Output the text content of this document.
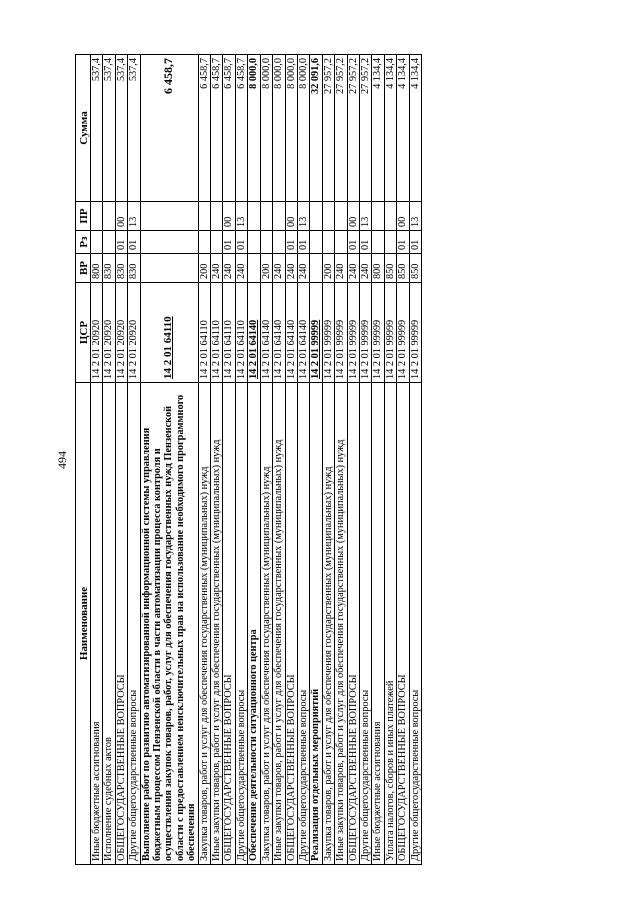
494
Наименование	ЦСР	ВР	Рз	ПР	Сумма
Иные бюджетные ассигнования	14 2 01 20920	800			537,4
Исполнение судебных актов	14 2 01 20920	830			537,4
ОБЩЕГОСУДАРСТВЕННЫЕ ВОПРОСЫ	14 2 01 20920	830	01	00	537,4
Другие общегосударственные вопросы	14 2 01 20920	830	01	13	537,4
Выполнение работ по развитию автоматизированной информационной системы управления бюджетным процессом Пензенской области в части автоматизации процесса контроля и осуществления закупок товаров, работ, услуг для обеспечения государственных нужд Пензенской области с предоставлением неисключительных прав на использование необходимого программного обеспечения	14 2 01 64110				6 458,7
Закупка товаров, работ и услуг для обеспечения государственных (муниципальных) нужд	14 2 01 64110	200			6 458,7
Иные закупки товаров, работ и услуг для обеспечения государственных (муниципальных) нужд	14 2 01 64110	240			6 458,7
ОБЩЕГОСУДАРСТВЕННЫЕ ВОПРОСЫ	14 2 01 64110	240	01	00	6 458,7
Другие общегосударственные вопросы	14 2 01 64110	240	01	13	6 458,7
Обеспечение деятельности ситуационного центра	14 2 01 64140				8 000,0
Закупка товаров, работ и услуг для обеспечения государственных (муниципальных) нужд	14 2 01 64140	200			8 000,0
Иные закупки товаров, работ и услуг для обеспечения государственных (муниципальных) нужд	14 2 01 64140	240			8 000,0
ОБЩЕГОСУДАРСТВЕННЫЕ ВОПРОСЫ	14 2 01 64140	240	01	00	8 000,0
Другие общегосударственные вопросы	14 2 01 64140	240	01	13	8 000,0
Реализация отдельных мероприятий	14 2 01 99999				32 091,6
Закупка товаров, работ и услуг для обеспечения государственных (муниципальных) нужд	14 2 01 99999	200			27 957,2
Иные закупки товаров, работ и услуг для обеспечения государственных (муниципальных) нужд	14 2 01 99999	240			27 957,2
ОБЩЕГОСУДАРСТВЕННЫЕ ВОПРОСЫ	14 2 01 99999	240	01	00	27 957,2
Другие общегосударственные вопросы	14 2 01 99999	240	01	13	27 957,2
Иные бюджетные ассигнования	14 2 01 99999	800			4 134,4
Уплата налогов, сборов и иных платежей	14 2 01 99999	850			4 134,4
ОБЩЕГОСУДАРСТВЕННЫЕ ВОПРОСЫ	14 2 01 99999	850	01	00	4 134,4
Другие общегосударственные вопросы	14 2 01 99999	850	01	13	4 134,4
